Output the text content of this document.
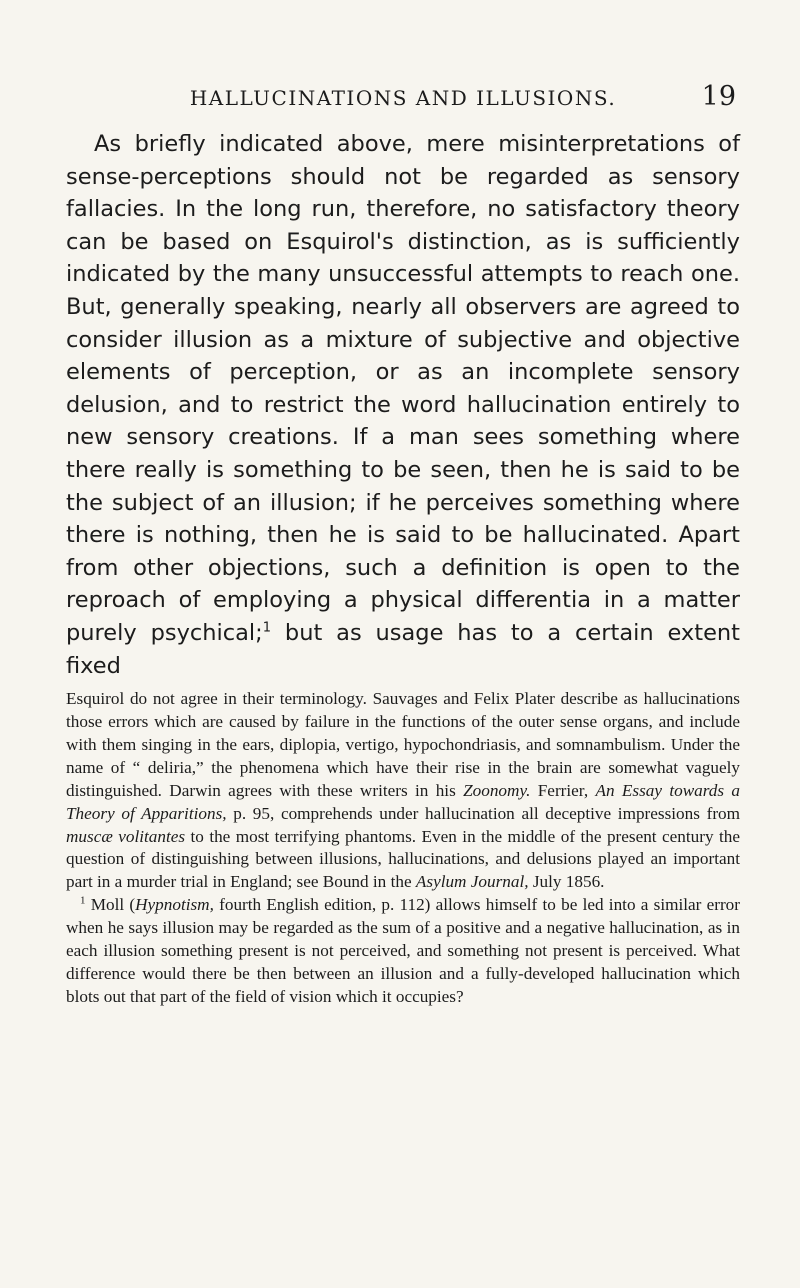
HALLUCINATIONS AND ILLUSIONS.	19

As briefly indicated above, mere misinterpretations of sense-perceptions should not be regarded as sensory fallacies. In the long run, therefore, no satisfactory theory can be based on Esquirol's distinction, as is sufficiently indicated by the many unsuccessful attempts to reach one. But, generally speaking, nearly all observers are agreed to consider illusion as a mixture of subjective and objective elements of perception, or as an incomplete sensory delusion, and to restrict the word hallucination entirely to new sensory creations. If a man sees something where there really is something to be seen, then he is said to be the subject of an illusion; if he perceives something where there is nothing, then he is said to be hallucinated. Apart from other objections, such a definition is open to the reproach of employing a physical differentia in a matter purely psychical;$^1$ but as usage has to a certain extent fixed

Esquirol do not agree in their terminology. Sauvages and Felix Plater describe as hallucinations those errors which are caused by failure in the functions of the outer sense organs, and include with them singing in the ears, diplopia, vertigo, hypochondriasis, and somnambulism. Under the name of “ deliria,” the phenomena which have their rise in the brain are somewhat vaguely distinguished. Darwin agrees with these writers in his Zoonomy. Ferrier, An Essay towards a Theory of Apparitions, p. 95, comprehends under hallucination all deceptive impressions from muscæ volitantes to the most terrifying phantoms. Even in the middle of the present century the question of distinguishing between illusions, hallucinations, and delusions played an important part in a murder trial in England; see Bound in the Asylum Journal, July 1856.

$^1$ Moll (Hypnotism, fourth English edition, p. 112) allows himself to be led into a similar error when he says illusion may be regarded as the sum of a positive and a negative hallucination, as in each illusion something present is not perceived, and something not present is perceived. What difference would there be then between an illusion and a fully-developed hallucination which blots out that part of the field of vision which it occupies?
